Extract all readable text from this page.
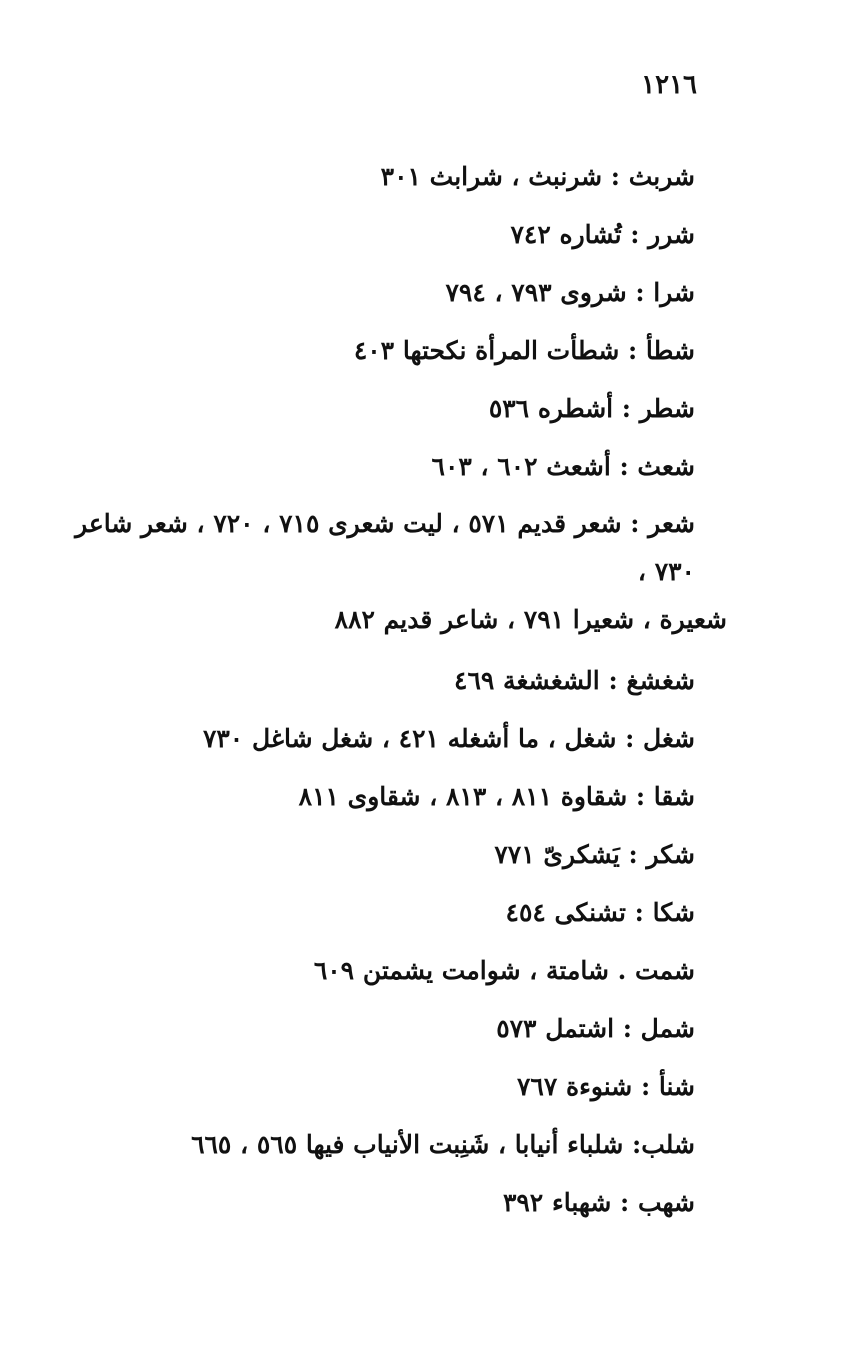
١٢١٦

شربث : شرنبث ، شرابث ٣٠١

شرر : تُشاره ٧٤٢

شرا : شروى ٧٩٣ ، ٧٩٤

شطأ : شطأت المرأة نكحتها ٤٠٣

شطر : أشطره ٥٣٦

شعث : أشعث ٦٠٢ ، ٦٠٣

شعر : شعر قديم ٥٧١ ، ليت شعرى ٧١٥ ، ٧٢٠ ، شعر شاعر ٧٣٠ ،
شعيرة ، شعيرا ٧٩١ ، شاعر قديم ٨٨٢

شغشغ : الشغشغة ٤٦٩

شغل : شغل ، ما أشغله ٤٢١ ، شغل شاغل ٧٣٠

شقا : شقاوة ٨١١ ، ٨١٣ ، شقاوى ٨١١

شكر : يَشكرىّ ٧٧١

شكا : تشنكى ٤٥٤

شمت . شامتة ، شوامت يشمتن ٦٠٩

شمل : اشتمل ٥٧٣

شنأ : شنوءة ٧٦٧

شلب: شلباء أنيابا ، شَنِبت الأنياب فيها ٥٦٥ ، ٦٦٥

شهب : شهباء ٣٩٢
